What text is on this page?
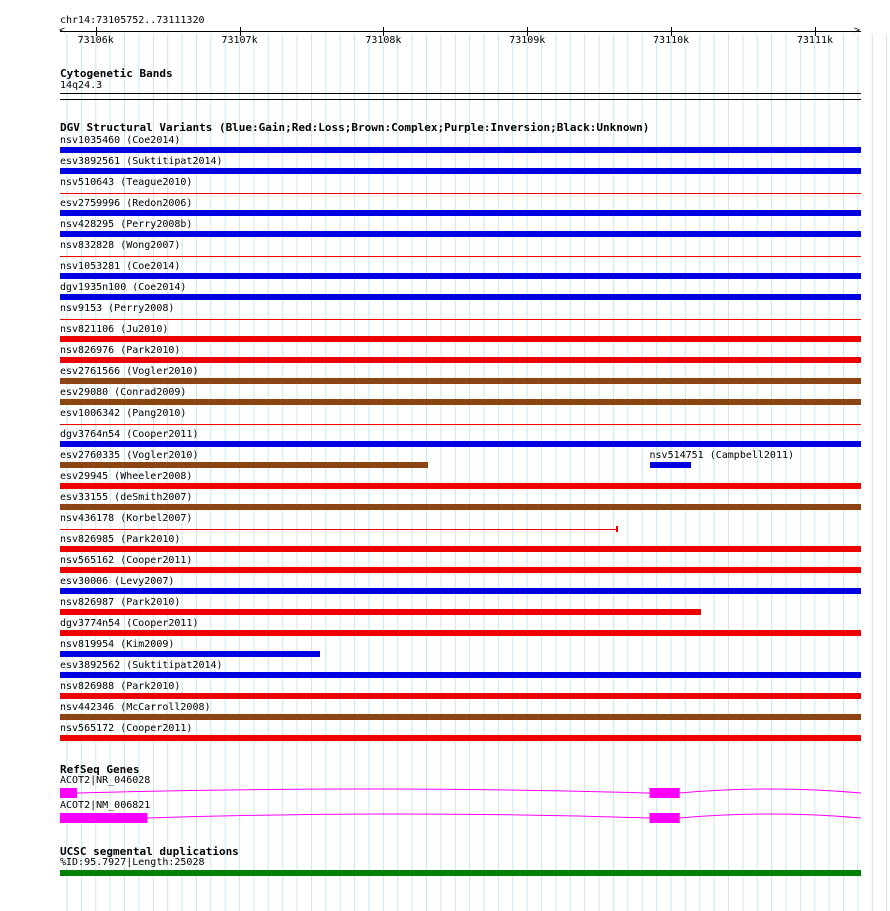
chr14:73105752..73111320
<	>
73106k	73107k	73108k	73109k	73110k	73111k
Cytogenetic Bands
14q24.3
DGV Structural Variants (Blue:Gain;Red:Loss;Brown:Complex;Purple:Inversion;Black:Unknown)
nsv1035460 (Coe2014)
esv3892561 (Suktitipat2014)
nsv510643 (Teague2010)
esv2759996 (Redon2006)
nsv428295 (Perry2008b)
nsv832828 (Wong2007)
nsv1053281 (Coe2014)
dgv1935n100 (Coe2014)
nsv9153 (Perry2008)
nsv821106 (Ju2010)
nsv826976 (Park2010)
esv2761566 (Vogler2010)
esv29080 (Conrad2009)
esv1006342 (Pang2010)
dgv3764n54 (Cooper2011)
esv2760335 (Vogler2010)	nsv514751 (Campbell2011)
esv29945 (Wheeler2008)
esv33155 (deSmith2007)
nsv436178 (Korbel2007)
nsv826985 (Park2010)
nsv565162 (Cooper2011)
esv30006 (Levy2007)
nsv826987 (Park2010)
dgv3774n54 (Cooper2011)
nsv819954 (Kim2009)
esv3892562 (Suktitipat2014)
nsv826988 (Park2010)
nsv442346 (McCarroll2008)
nsv565172 (Cooper2011)
RefSeq Genes
ACOT2|NR_046028
ACOT2|NM_006821
UCSC segmental duplications
%ID:95.7927|Length:25028
